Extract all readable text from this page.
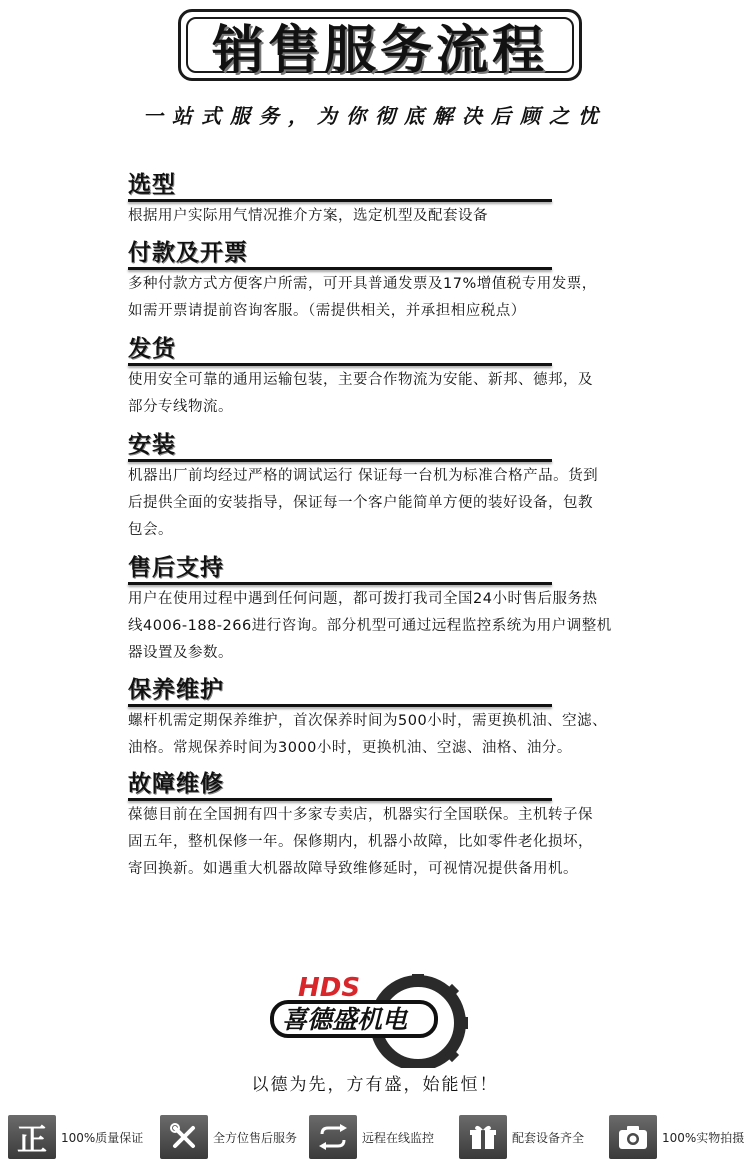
销售服务流程
一站式服务，为你彻底解决后顾之忧
选型
根据用户实际用气情况推介方案，选定机型及配套设备
付款及开票
多种付款方式方便客户所需，可开具普通发票及17%增值税专用发票，
如需开票请提前咨询客服。（需提供相关，并承担相应税点）
发货
使用安全可靠的通用运输包装，主要合作物流为安能、新邦、德邦，及
部分专线物流。
安装
机器出厂前均经过严格的调试运行 保证每一台机为标准合格产品。货到
后提供全面的安装指导，保证每一个客户能简单方便的装好设备，包教
包会。
售后支持
用户在使用过程中遇到任何问题，都可拨打我司全国24小时售后服务热
线4006-188-266进行咨询。部分机型可通过远程监控系统为用户调整机
器设置及参数。
保养维护
螺杆机需定期保养维护，首次保养时间为500小时，需更换机油、空滤、
油格。常规保养时间为3000小时，更换机油、空滤、油格、油分。
故障维修
葆德目前在全国拥有四十多家专卖店，机器实行全国联保。主机转子保
固五年，整机保修一年。保修期内，机器小故障，比如零件老化损坏，
寄回换新。如遇重大机器故障导致维修延时，可视情况提供备用机。
HDS
喜德盛机电
以德为先，方有盛，始能恒！
正 100%质量保证	全方位售后服务	远程在线监控	配套设备齐全	100%实物拍摄
